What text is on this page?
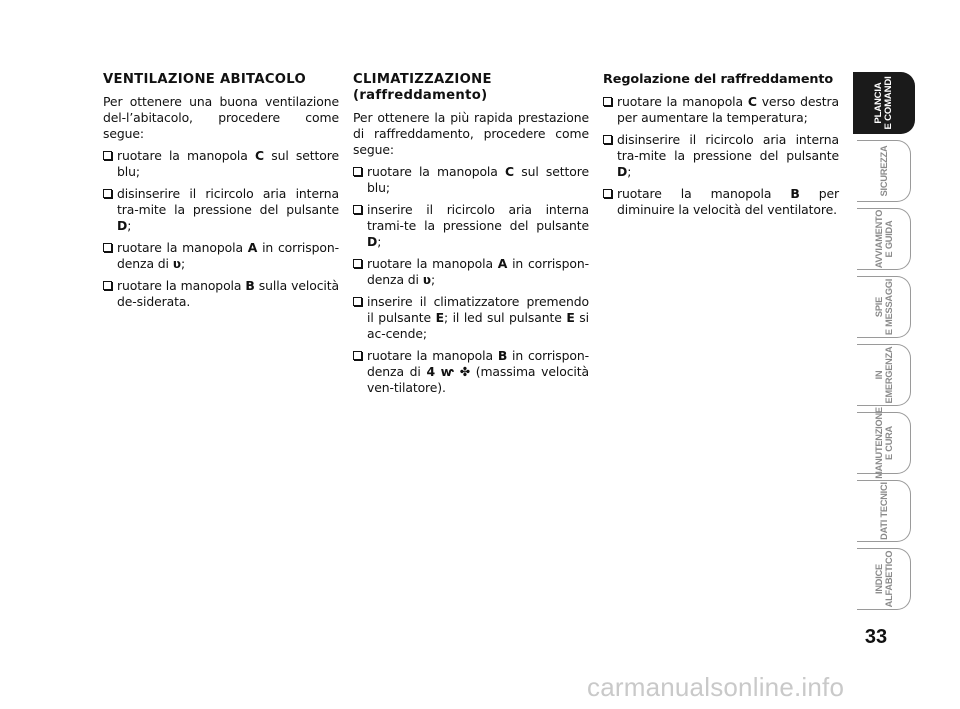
VENTILAZIONE ABITACOLO
Per ottenere una buona ventilazione del-l’abitacolo, procedere come segue:
ruotare la manopola C sul settore blu;
disinserire il ricircolo aria interna tra-mite la pressione del pulsante D;
ruotare la manopola A in corrispon-denza di ʋ;
ruotare la manopola B sulla velocità de-siderata.
CLIMATIZZAZIONE
(raffreddamento)
Per ottenere la più rapida prestazione di raffreddamento, procedere come segue:
ruotare la manopola C sul settore blu;
inserire il ricircolo aria interna trami-te la pressione del pulsante D;
ruotare la manopola A in corrispon-denza di ʋ;
inserire il climatizzatore premendo il pulsante E; il led sul pulsante E si ac-cende;
ruotare la manopola B in corrispon-denza di 4 ⱳ ✤ (massima velocità ven-tilatore).
Regolazione del raffreddamento
ruotare la manopola C verso destra per aumentare la temperatura;
disinserire il ricircolo aria interna tra-mite la pressione del pulsante D;
ruotare la manopola B per diminuire la velocità del ventilatore.
PLANCIA
E COMANDI
SICUREZZA
AVVIAMENTO
E GUIDA
SPIE
E MESSAGGI
IN
EMERGENZA
MANUTENZIONE
E CURA
DATI TECNICI
INDICE
ALFABETICO
33
carmanualsonline.info
